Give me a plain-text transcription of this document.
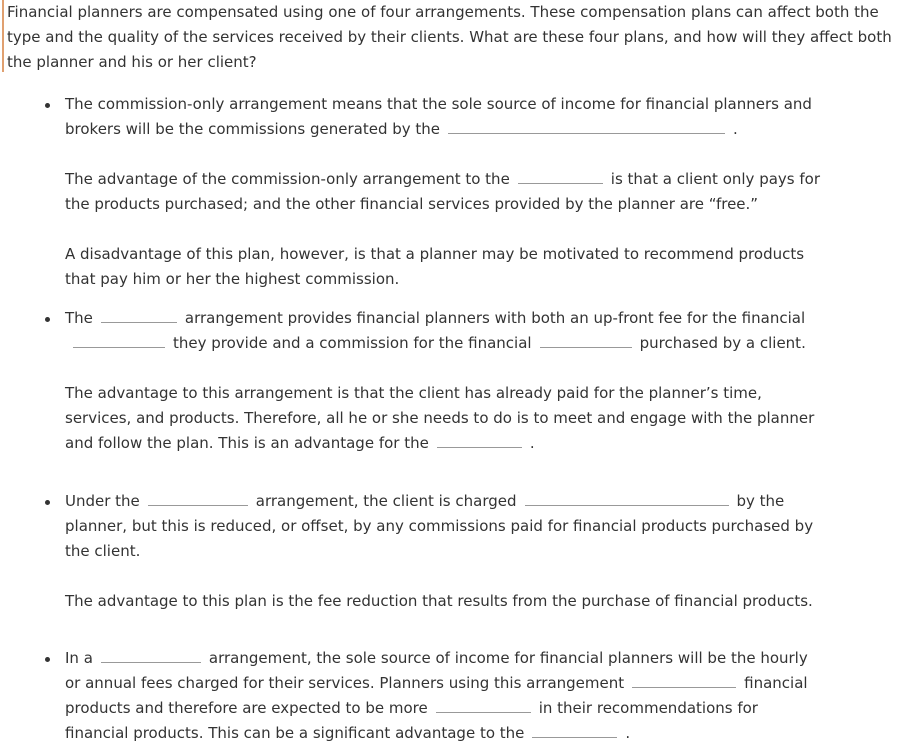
Financial planners are compensated using one of four arrangements. These compensation plans can affect both the type and the quality of the services received by their clients. What are these four plans, and how will they affect both the planner and his or her client?

The commission-only arrangement means that the sole source of income for financial planners and brokers will be the commissions generated by the	.

The advantage of the commission-only arrangement to the	is that a client only pays for the products purchased; and the other financial services provided by the planner are “free.”

A disadvantage of this plan, however, is that a planner may be motivated to recommend products that pay him or her the highest commission.

The	arrangement provides financial planners with both an up-front fee for the financialthey provide and a commission for the financial	purchased by a client.

The advantage to this arrangement is that the client has already paid for the planner’s time, services, and products. Therefore, all he or she needs to do is to meet and engage with the planner and follow the plan. This is an advantage for the	.

Under the	arrangement, the client is charged	by the planner, but this is reduced, or offset, by any commissions paid for financial products purchased by the client.

The advantage to this plan is the fee reduction that results from the purchase of financial products.

In a	arrangement, the sole source of income for financial planners will be the hourly or annual fees charged for their services. Planners using this arrangement	financial products and therefore are expected to be more	in their recommendations for financial products. This can be a significant advantage to the	.
